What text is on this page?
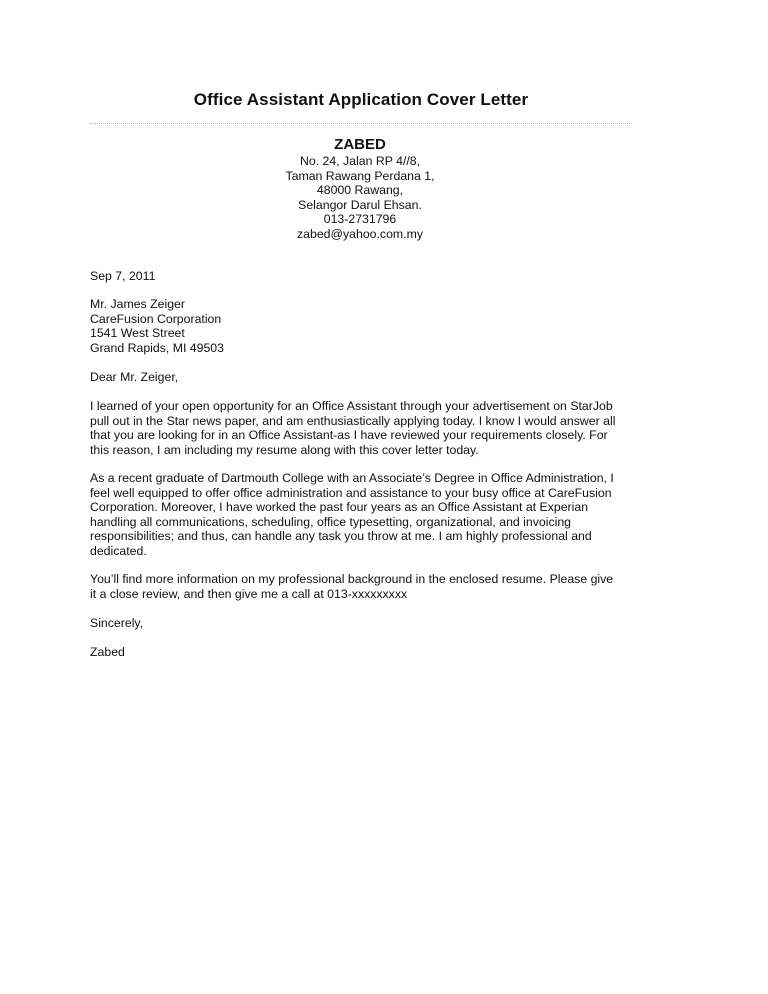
Office Assistant Application Cover Letter
ZABED
No. 24, Jalan RP 4//8,
Taman Rawang Perdana 1,
48000 Rawang,
Selangor Darul Ehsan.
013-2731796
zabed@yahoo.com.my
Sep 7, 2011
Mr. James Zeiger
CareFusion Corporation
1541 West Street
Grand Rapids, MI 49503
Dear Mr. Zeiger,
I learned of your open opportunity for an Office Assistant through your advertisement on StarJob
pull out in the Star news paper, and am enthusiastically applying today. I know I would answer all
that you are looking for in an Office Assistant-as I have reviewed your requirements closely. For
this reason, I am including my resume along with this cover letter today.
As a recent graduate of Dartmouth College with an Associate’s Degree in Office Administration, I
feel well equipped to offer office administration and assistance to your busy office at CareFusion
Corporation. Moreover, I have worked the past four years as an Office Assistant at Experian
handling all communications, scheduling, office typesetting, organizational, and invoicing
responsibilities; and thus, can handle any task you throw at me. I am highly professional and
dedicated.
You’ll find more information on my professional background in the enclosed resume. Please give
it a close review, and then give me a call at 013-xxxxxxxxx
Sincerely,
Zabed
